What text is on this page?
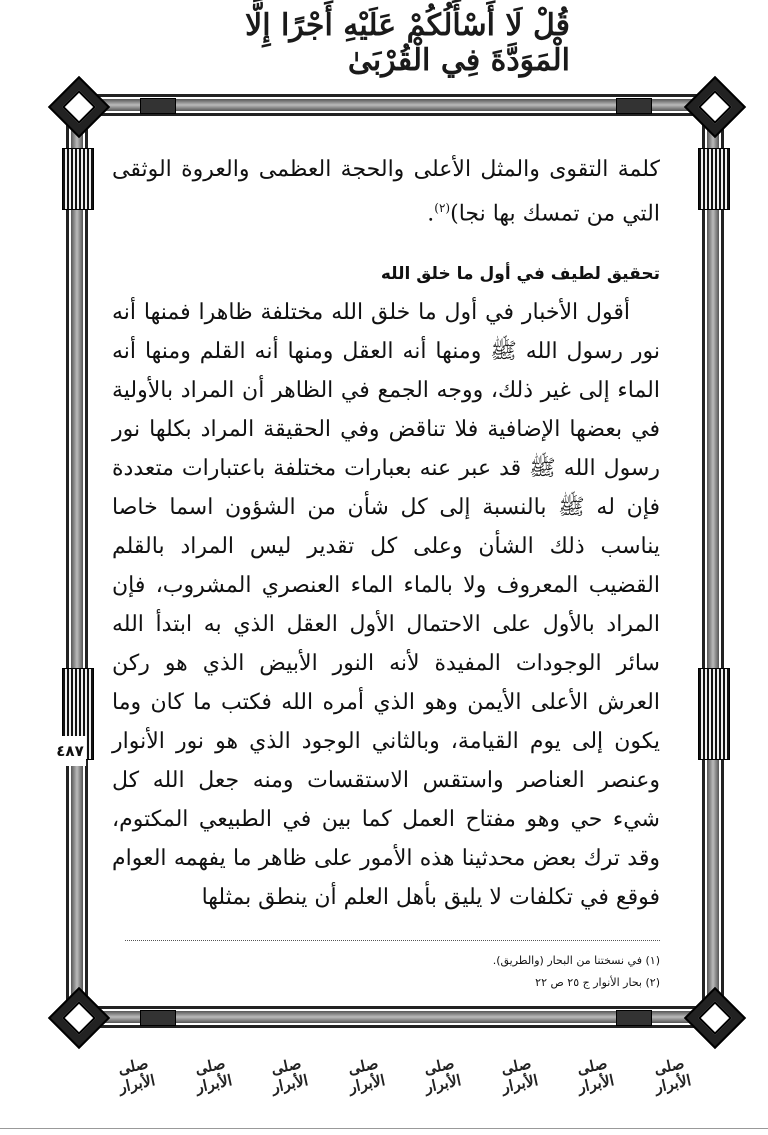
قُلْ لَا أَسْأَلُكُمْ عَلَيْهِ أَجْرًا إِلَّا الْمَوَدَّةَ فِي الْقُرْبَىٰ
٤٨٧

كلمة التقوى والمثل الأعلى والحجة العظمى والعروة الوثقى التي من تمسك بها نجا)$^{(٢)}$.

تحقيق لطيف في أول ما خلق الله

أقول الأخبار في أول ما خلق الله مختلفة ظاهرا فمنها أنه نور رسول الله ﷺ ومنها أنه العقل ومنها أنه القلم ومنها أنه الماء إلى غير ذلك، ووجه الجمع في الظاهر أن المراد بالأولية في بعضها الإضافية فلا تناقض وفي الحقيقة المراد بكلها نور رسول الله ﷺ قد عبر عنه بعبارات مختلفة باعتبارات متعددة فإن له ﷺ بالنسبة إلى كل شأن من الشؤون اسما خاصا يناسب ذلك الشأن وعلى كل تقدير ليس المراد بالقلم القضيب المعروف ولا بالماء الماء العنصري المشروب، فإن المراد بالأول على الاحتمال الأول العقل الذي به ابتدأ الله سائر الوجودات المفيدة لأنه النور الأبيض الذي هو ركن العرش الأعلى الأيمن وهو الذي أمره الله فكتب ما كان وما يكون إلى يوم القيامة، وبالثاني الوجود الذي هو نور الأنوار وعنصر العناصر واستقس الاستقسات ومنه جعل الله كل شيء حي وهو مفتاح العمل كما بين في الطبيعي المكتوم، وقد ترك بعض محدثينا هذه الأمور على ظاهر ما يفهمه العوام فوقع في تكلفات لا يليق بأهل العلم أن ينطق بمثلها

(١) في نسختنا من البحار (والطريق).
(٢) بحار الأنوار ج ٢٥ ص ٢٢
صلى الأبرار
صلى الأبرار
صلى الأبرار
صلى الأبرار
صلى الأبرار
صلى الأبرار
صلى الأبرار
صلى الأبرار
